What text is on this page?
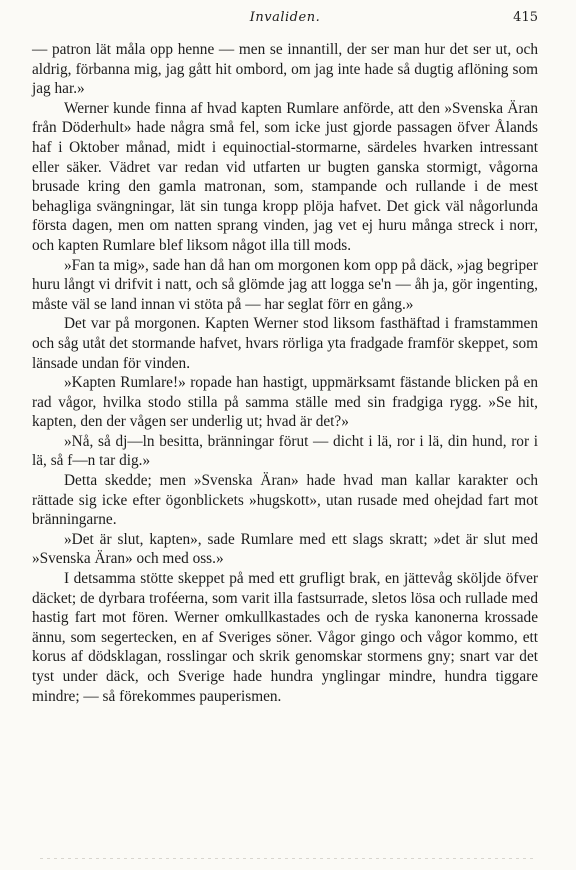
Invaliden.	415

— patron lät måla opp henne — men se innantill, der ser man hur det ser ut, och aldrig, förbanna mig, jag gått hit ombord, om jag inte hade så dugtig aflöning som jag har.»

Werner kunde finna af hvad kapten Rumlare anförde, att den »Svenska Äran från Döderhult» hade några små fel, som icke just gjorde passagen öfver Ålands haf i Oktober månad, midt i equinoctial-stormarne, särdeles hvarken intressant eller säker. Vädret var redan vid utfarten ur bugten ganska stormigt, vågorna brusade kring den gamla matronan, som, stampande och rullande i de mest behagliga svängningar, lät sin tunga kropp plöja hafvet. Det gick väl någorlunda första dagen, men om natten sprang vinden, jag vet ej huru många streck i norr, och kapten Rumlare blef liksom något illa till mods.

»Fan ta mig», sade han då han om morgonen kom opp på däck, »jag begriper huru långt vi drifvit i natt, och så glömde jag att logga se'n — åh ja, gör ingenting, måste väl se land innan vi stöta på — har seglat förr en gång.»

Det var på morgonen. Kapten Werner stod liksom fasthäftad i framstammen och såg utåt det stormande hafvet, hvars rörliga yta fradgade framför skeppet, som länsade undan för vinden.

»Kapten Rumlare!» ropade han hastigt, uppmärksamt fästande blicken på en rad vågor, hvilka stodo stilla på samma ställe med sin fradgiga rygg. »Se hit, kapten, den der vågen ser underlig ut; hvad är det?»

»Nå, så dj—ln besitta, bränningar förut — dicht i lä, ror i lä, din hund, ror i lä, så f—n tar dig.»

Detta skedde; men »Svenska Äran» hade hvad man kallar karakter och rättade sig icke efter ögonblickets »hugskott», utan rusade med ohejdad fart mot bränningarne.

»Det är slut, kapten», sade Rumlare med ett slags skratt; »det är slut med »Svenska Äran» och med oss.»

I detsamma stötte skeppet på med ett grufligt brak, en jättevåg sköljde öfver däcket; de dyrbara troféerna, som varit illa fastsurrade, sletos lösa och rullade med hastig fart mot fören. Werner omkullkastades och de ryska kanonerna krossade ännu, som segertecken, en af Sveriges söner. Vågor gingo och vågor kommo, ett korus af dödsklagan, rosslingar och skrik genomskar stormens gny; snart var det tyst under däck, och Sverige hade hundra ynglingar mindre, hundra tiggare mindre; — så förekommes pauperismen.
